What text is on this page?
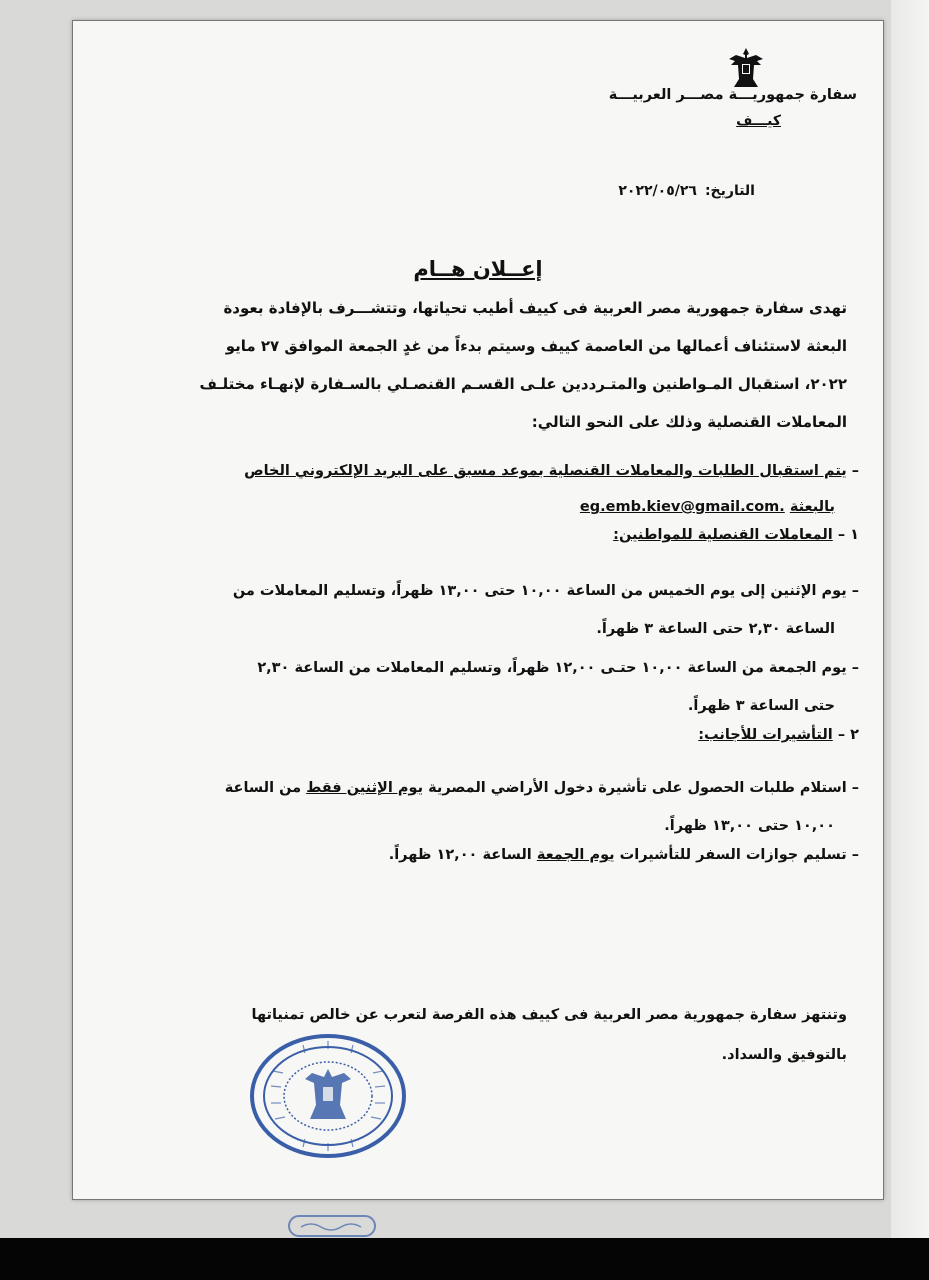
سفارة جمهوريـــة مصـــر العربيـــة
كيـــف
التاريخ:٢٠٢٢/٠٥/٢٦
إعــلان هــام
تهدى سفارة جمهورية مصر العربية فى كييف أطيب تحياتها، وتتشـــرف بالإفادة بعودة
البعثة لاستئناف أعمالها من العاصمة كييف وسيتم بدءاً من غدٍ الجمعة الموافق ٢٧ مايو
٢٠٢٢، استقبال المـواطنين والمتـرددين علـى القسـم القنصـلي بالسـفارة لإنهـاء مختلـف
المعاملات القنصلية وذلك على النحو التالي:
– يتم استقبال الطلبات والمعاملات القنصلية بموعد مسبق على البريد الإلكتروني الخاص
بالبعثة eg.emb.kiev@gmail.com.
١ – المعاملات القنصلية للمواطنين:
– يوم الإثنين إلى يوم الخميس من الساعة ١٠,٠٠ حتى ١٣,٠٠ ظهراً، وتسليم المعاملات من
الساعة ٢,٣٠ حتى الساعة ٣ ظهراً.
– يوم الجمعة من الساعة ١٠,٠٠ حتـى ١٢,٠٠ ظهراً، وتسليم المعاملات من الساعة ٢,٣٠
حتى الساعة ٣ ظهراً.
٢ – التأشيرات للأجانب:
– استلام طلبات الحصول على تأشيرة دخول الأراضي المصرية يوم الإثنين فقط من الساعة
١٠,٠٠ حتى ١٣,٠٠ ظهراً.
– تسليم جوازات السفر للتأشيرات يوم الجمعة الساعة ١٢,٠٠ ظهراً.
وتنتهز سفارة جمهورية مصر العربية فى كييف هذه الفرصة لتعرب عن خالص تمنياتها
بالتوفيق والسداد.
